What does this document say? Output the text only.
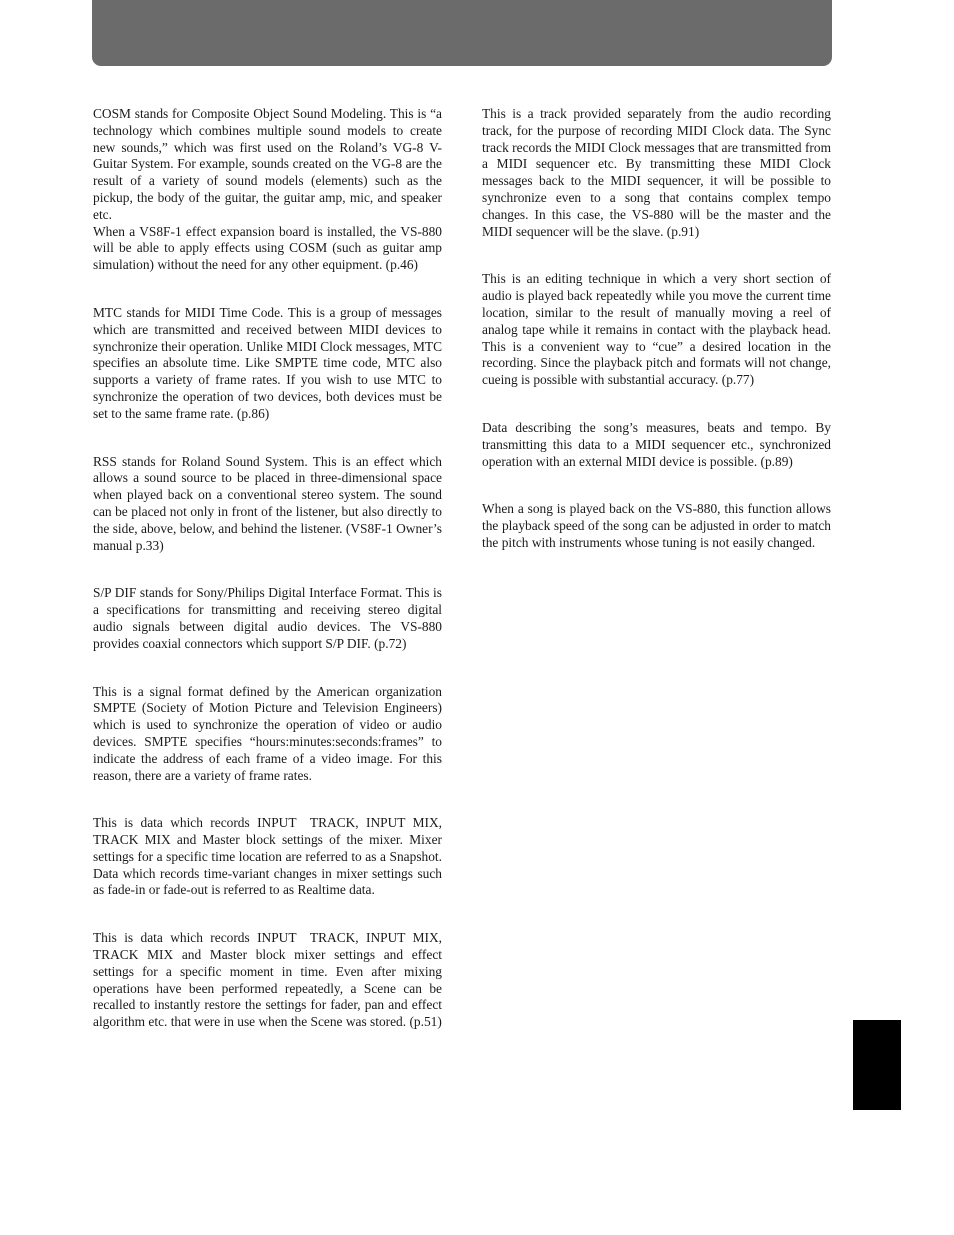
COSM stands for Composite Object Sound Modeling. This is “a technology which combines multiple sound models to create new sounds,” which was first used on the Roland’s VG-8 V-Guitar System. For example, sounds created on the VG-8 are the result of a variety of sound models (elements) such as the pickup, the body of the guitar, the guitar amp, mic, and speaker etc.

When a VS8F-1 effect expansion board is installed, the VS-880 will be able to apply effects using COSM (such as guitar amp simulation) without the need for any other equipment. (p.46)

MTC stands for MIDI Time Code. This is a group of messages which are transmitted and received between MIDI devices to synchronize their operation. Unlike MIDI Clock messages, MTC specifies an absolute time. Like SMPTE time code, MTC also supports a variety of frame rates. If you wish to use MTC to synchronize the operation of two devices, both devices must be set to the same frame rate. (p.86)

RSS stands for Roland Sound System. This is an effect which allows a sound source to be placed in three-dimensional space when played back on a conventional stereo system. The sound can be placed not only in front of the listener, but also directly to the side, above, below, and behind the listener. (VS8F-1 Owner’s manual p.33)

S/P DIF stands for Sony/Philips Digital Interface Format. This is a specifications for transmitting and receiving stereo digital audio signals between digital audio devices. The VS-880 provides coaxial connectors which support S/P DIF. (p.72)

This is a signal format defined by the American organization SMPTE (Society of Motion Picture and Television Engineers) which is used to synchronize the operation of video or audio devices. SMPTE specifies “hours:minutes:seconds:frames” to indicate the address of each frame of a video image. For this reason, there are a variety of frame rates.

This is data which records INPUT TRACK, INPUT MIX, TRACK MIX and Master block settings of the mixer. Mixer settings for a specific time location are referred to as a Snapshot. Data which records time-variant changes in mixer settings such as fade-in or fade-out is referred to as Realtime data.

This is data which records INPUT TRACK, INPUT MIX, TRACK MIX and Master block mixer settings and effect settings for a specific moment in time. Even after mixing operations have been performed repeatedly, a Scene can be recalled to instantly restore the settings for fader, pan and effect algorithm etc. that were in use when the Scene was stored. (p.51)

This is a track provided separately from the audio recording track, for the purpose of recording MIDI Clock data. The Sync track records the MIDI Clock messages that are transmitted from a MIDI sequencer etc. By transmitting these MIDI Clock messages back to the MIDI sequencer, it will be possible to synchronize even to a song that contains complex tempo changes. In this case, the VS-880 will be the master and the MIDI sequencer will be the slave. (p.91)

This is an editing technique in which a very short section of audio is played back repeatedly while you move the current time location, similar to the result of manually moving a reel of analog tape while it remains in contact with the playback head. This is a convenient way to “cue” a desired location in the recording. Since the playback pitch and formats will not change, cueing is possible with substantial accuracy. (p.77)

Data describing the song’s measures, beats and tempo. By transmitting this data to a MIDI sequencer etc., synchronized operation with an external MIDI device is possible. (p.89)

When a song is played back on the VS-880, this function allows the playback speed of the song can be adjusted in order to match the pitch with instruments whose tuning is not easily changed.
